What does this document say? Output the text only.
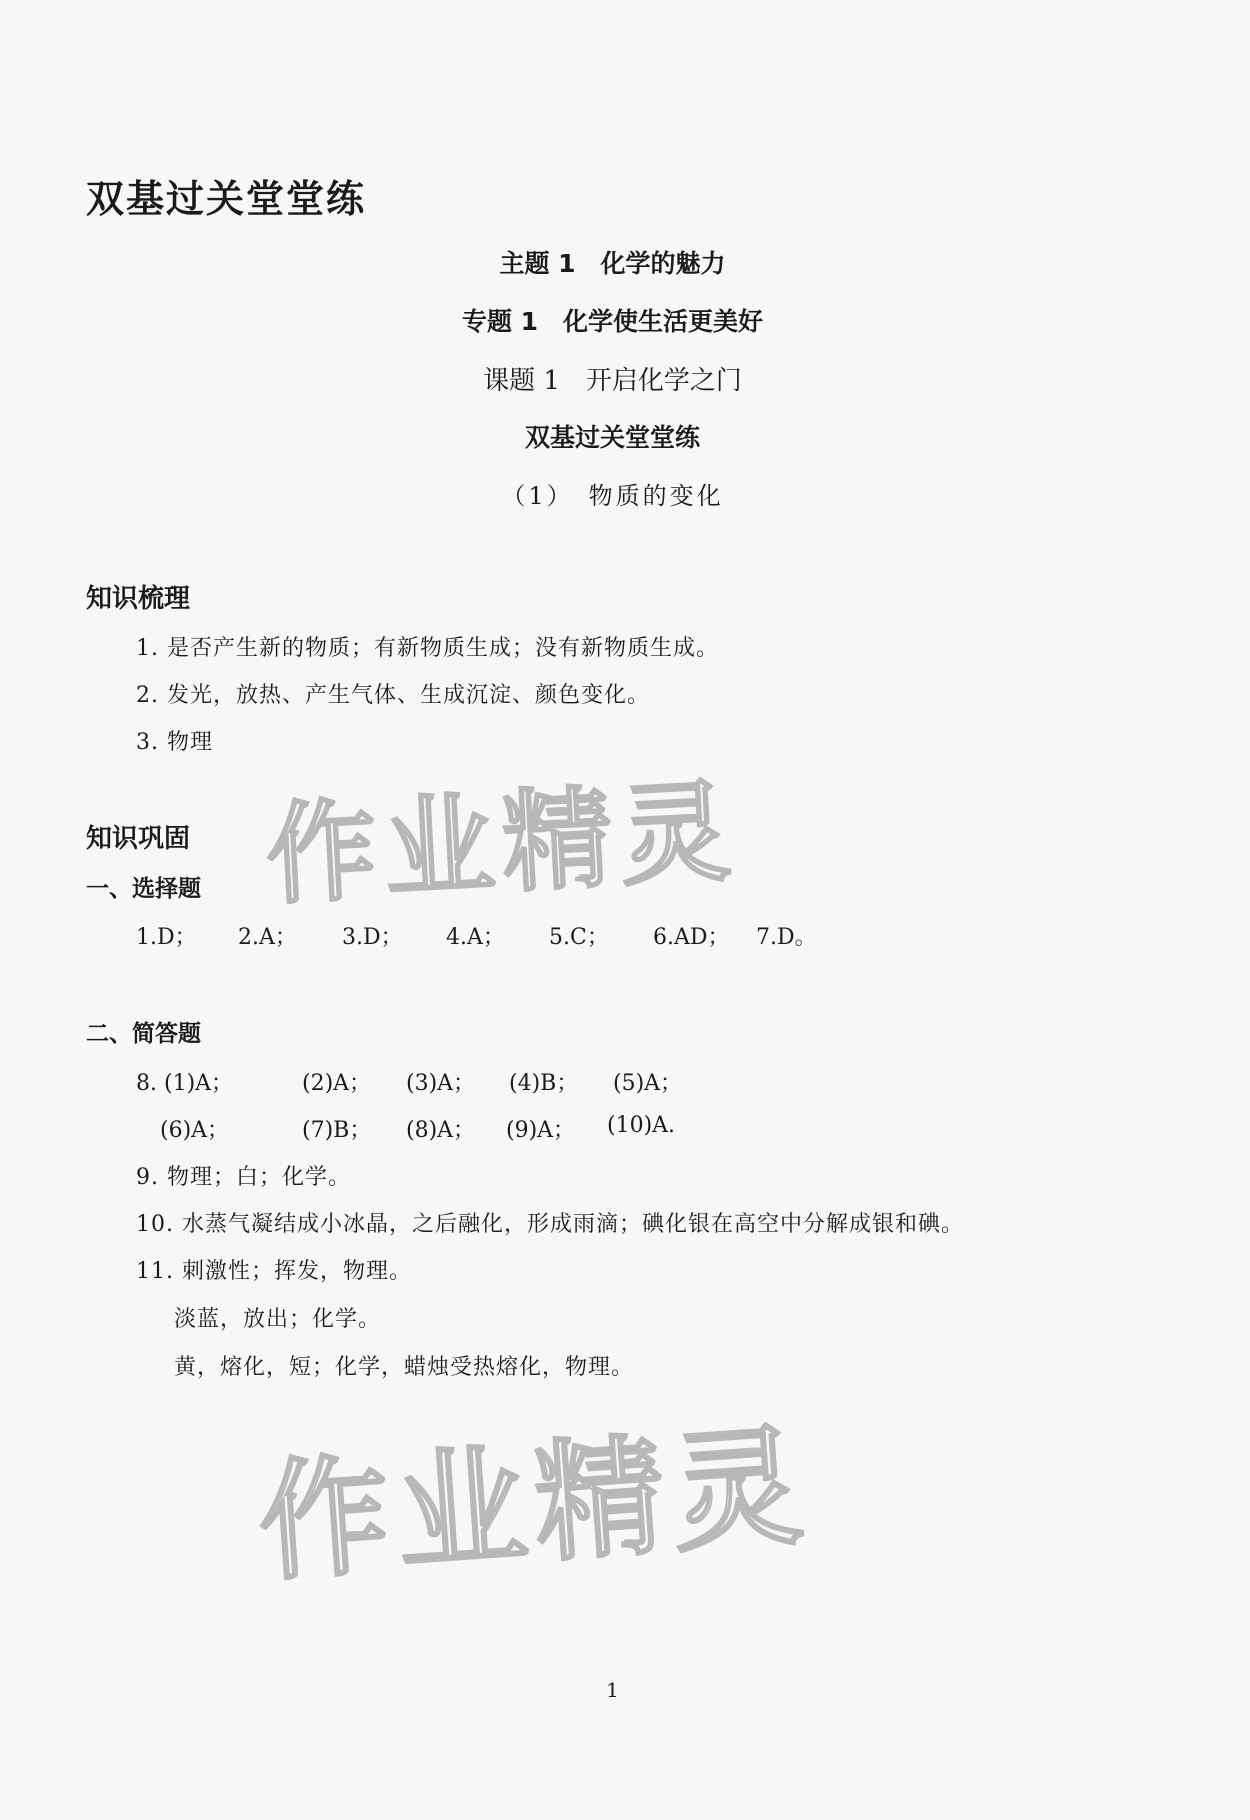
双基过关堂堂练
主题 1　化学的魅力
专题 1　化学使生活更美好
课题 1　开启化学之门
双基过关堂堂练
（1）　物质的变化
知识梳理
1. 是否产生新的物质；有新物质生成；没有新物质生成。
2. 发光，放热、产生气体、生成沉淀、颜色变化。
3. 物理
知识巩固
一、选择题
1.D； 2.A； 3.D； 4.A； 5.C； 6.AD； 7.D。
二、简答题
8. (1)A；	(2)A； (3)A； (4)B； (5)A；
(6)A；	(7)B； (8)A； (9)A； (10)A.
9. 物理；白；化学。
10. 水蒸气凝结成小冰晶，之后融化，形成雨滴；碘化银在高空中分解成银和碘。
11. 刺激性；挥发，物理。
淡蓝，放出；化学。
黄，熔化，短；化学，蜡烛受热熔化，物理。
作业精灵
作业精灵
1
